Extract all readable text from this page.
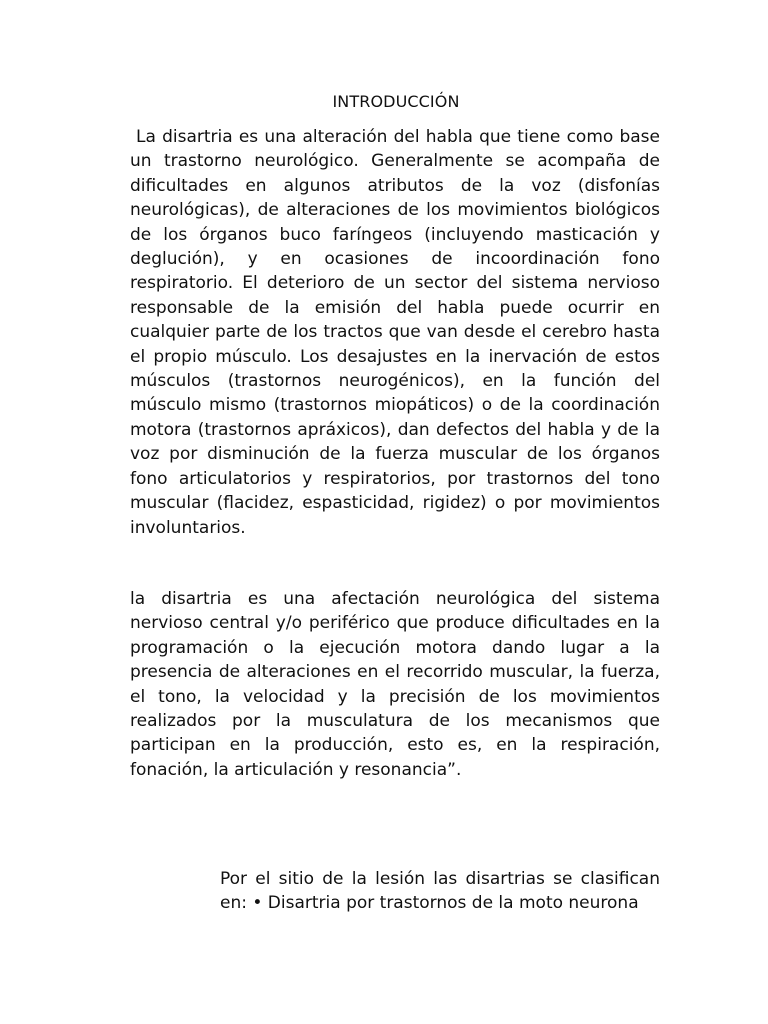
INTRODUCCIÓN

La disartria es una alteración del habla que tiene como base un trastorno neurológico. Generalmente se acompaña de dificultades en algunos atributos de la voz (disfonías neurológicas), de alteraciones de los movimientos biológicos de los órganos buco faríngeos (incluyendo masticación y deglución), y en ocasiones de incoordinación fono respiratorio. El deterioro de un sector del sistema nervioso responsable de la emisión del habla puede ocurrir en cualquier parte de los tractos que van desde el cerebro hasta el propio músculo. Los desajustes en la inervación de estos músculos (trastornos neurogénicos), en la función del músculo mismo (trastornos miopáticos) o de la coordinación motora (trastornos apráxicos), dan defectos del habla y de la voz por disminución de la fuerza muscular de los órganos fono articulatorios y respiratorios, por trastornos del tono muscular (flacidez, espasticidad, rigidez) o por movimientos involuntarios.

la disartria es una afectación neurológica del sistema nervioso central y/o periférico que produce dificultades en la programación o la ejecución motora dando lugar a la presencia de alteraciones en el recorrido muscular, la fuerza, el tono, la velocidad y la precisión de los movimientos realizados por la musculatura de los mecanismos que participan en la producción, esto es, en la respiración, fonación, la articulación y resonancia”.

Por el sitio de la lesión las disartrias se clasifican en: • Disartria por trastornos de la moto neurona
